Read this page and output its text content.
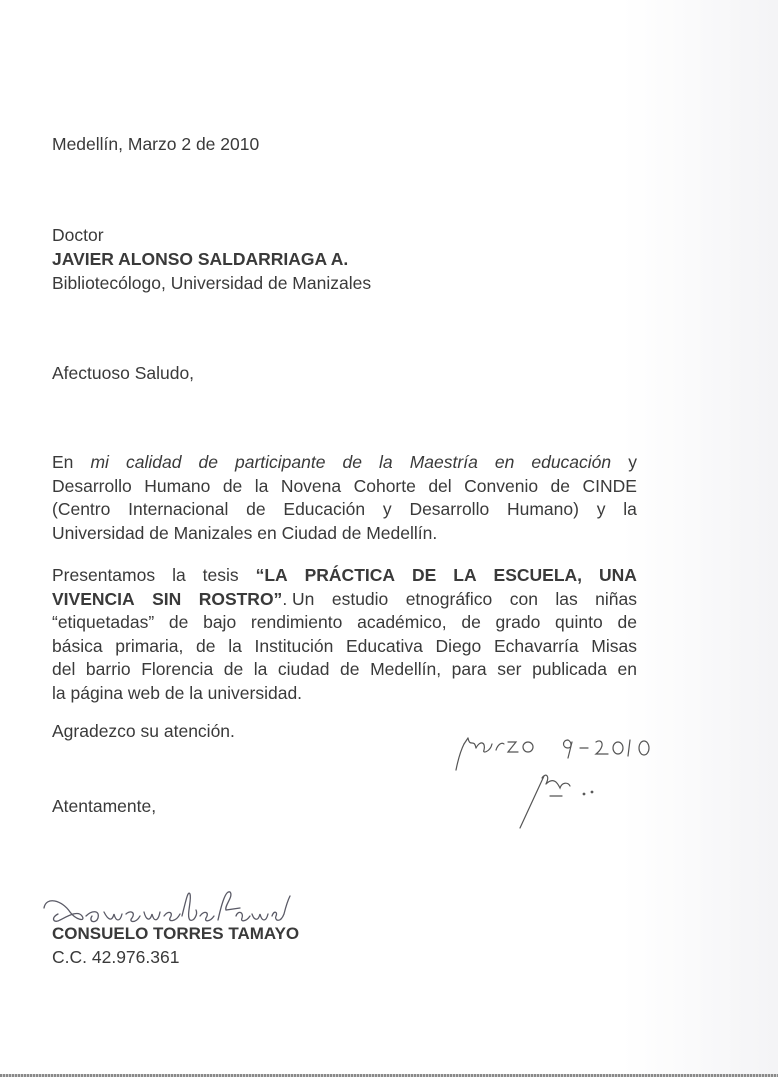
Medellín, Marzo 2 de 2010
Doctor
JAVIER ALONSO SALDARRIAGA A.
Bibliotecólogo, Universidad de Manizales
Afectuoso Saludo,
En mi calidad de participante de la Maestría en educación y
Desarrollo Humano de la Novena Cohorte del Convenio de CINDE
(Centro Internacional de Educación y Desarrollo Humano) y la
Universidad de Manizales en Ciudad de Medellín.
Presentamos la tesis “LA PRÁCTICA DE LA ESCUELA, UNA
VIVENCIA SIN ROSTRO”. Un estudio etnográfico con las niñas
“etiquetadas” de bajo rendimiento académico, de grado quinto de
básica primaria, de la Institución Educativa Diego Echavarría Misas
del barrio Florencia de la ciudad de Medellín, para ser publicada en
la página web de la universidad.
Agradezco su atención.
Atentamente,
Marzo 9-2010
Consuelo Torres
CONSUELO TORRES TAMAYO
C.C. 42.976.361
